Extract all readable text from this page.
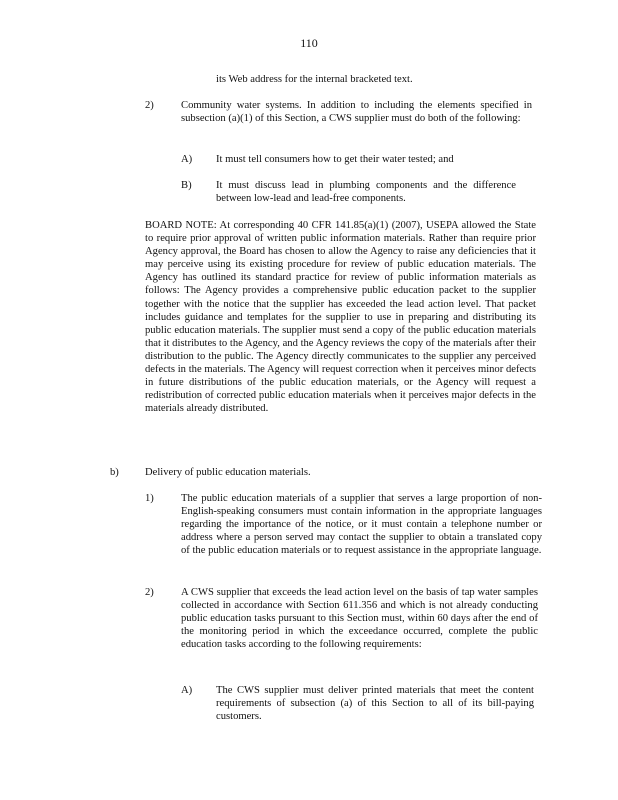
110
its Web address for the internal bracketed text.
2)	Community water systems. In addition to including the elements specified in subsection (a)(1) of this Section, a CWS supplier must do both of the following:
A) It must tell consumers how to get their water tested; and
B) It must discuss lead in plumbing components and the difference between low-lead and lead-free components.
BOARD NOTE: At corresponding 40 CFR 141.85(a)(1) (2007), USEPA allowed the State to require prior approval of written public information materials. Rather than require prior Agency approval, the Board has chosen to allow the Agency to raise any deficiencies that it may perceive using its existing procedure for review of public education materials. The Agency has outlined its standard practice for review of public information materials as follows: The Agency provides a comprehensive public education packet to the supplier together with the notice that the supplier has exceeded the lead action level. That packet includes guidance and templates for the supplier to use in preparing and distributing its public education materials. The supplier must send a copy of the public education materials that it distributes to the Agency, and the Agency reviews the copy of the materials after their distribution to the public. The Agency directly communicates to the supplier any perceived defects in the materials. The Agency will request correction when it perceives minor defects in future distributions of the public education materials, or the Agency will request a redistribution of corrected public education materials when it perceives major defects in the materials already distributed.
b) Delivery of public education materials.
1)	The public education materials of a supplier that serves a large proportion of non-English-speaking consumers must contain information in the appropriate languages regarding the importance of the notice, or it must contain a telephone number or address where a person served may contact the supplier to obtain a translated copy of the public education materials or to request assistance in the appropriate language.
2)	A CWS supplier that exceeds the lead action level on the basis of tap water samples collected in accordance with Section 611.356 and which is not already conducting public education tasks pursuant to this Section must, within 60 days after the end of the monitoring period in which the exceedance occurred, complete the public education tasks according to the following requirements:
A) The CWS supplier must deliver printed materials that meet the content requirements of subsection (a) of this Section to all of its bill-paying customers.
